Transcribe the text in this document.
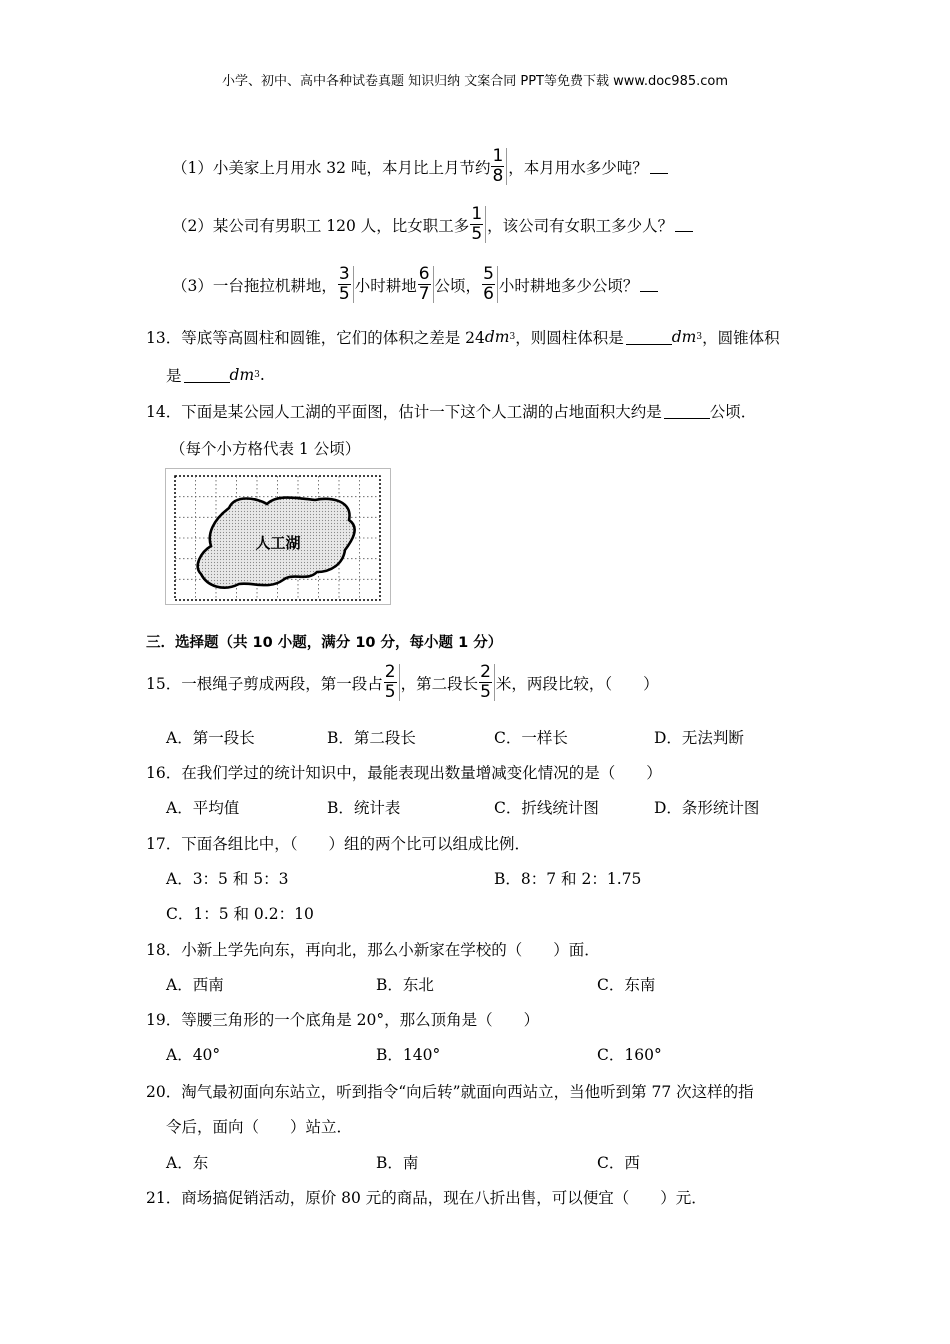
小学、初中、高中各种试卷真题 知识归纳 文案合同 PPT等免费下载 www.doc985.com
（1）小美家上月用水 32 吨，本月比上月节约 $\frac{1}{8}$ ，本月用水多少吨？
（2）某公司有男职工 120 人，比女职工多 $\frac{1}{5}$ ，该公司有女职工多少人？
（3）一台拖拉机耕地， $\frac{3}{5}$ 小时耕地 $\frac{6}{7}$ 公顷， $\frac{5}{6}$ 小时耕地多少公顷？
13．等底等高圆柱和圆锥，它们的体积之差是 24 dm 3 ，则圆柱体积是	dm 3 ，圆锥体积
是	dm 3 .
14．下面是某公园人工湖的平面图，估计一下这个人工湖的占地面积大约是	公顷．
（每个小方格代表 1 公顷）
人工湖
三．选择题（共 10 小题，满分 10 分，每小题 1 分）
15．一根绳子剪成两段，第一段占 $\frac{2}{5}$ ，第二段长 $\frac{2}{5}$ 米，两段比较，（　　）
A．第一段长	B．第二段长	C．一样长	D．无法判断
16．在我们学过的统计知识中，最能表现出数量增减变化情况的是（　　）
A．平均值	B．统计表	C．折线统计图	D．条形统计图
17．下面各组比中，（　　）组的两个比可以组成比例．
A．3：5 和 5：3	B．8：7 和 2：1.75
C．1：5 和 0.2：10
18．小新上学先向东，再向北，那么小新家在学校的（　　）面．
A．西南	B．东北	C．东南
19．等腰三角形的一个底角是 20°，那么顶角是（　　）
A．40°	B．140°	C．160°
20．淘气最初面向东站立，听到指令“向后转”就面向西站立，当他听到第 77 次这样的指
令后，面向（　　）站立．
A．东	B．南	C．西
21．商场搞促销活动，原价 80 元的商品，现在八折出售，可以便宜（　　）元．
